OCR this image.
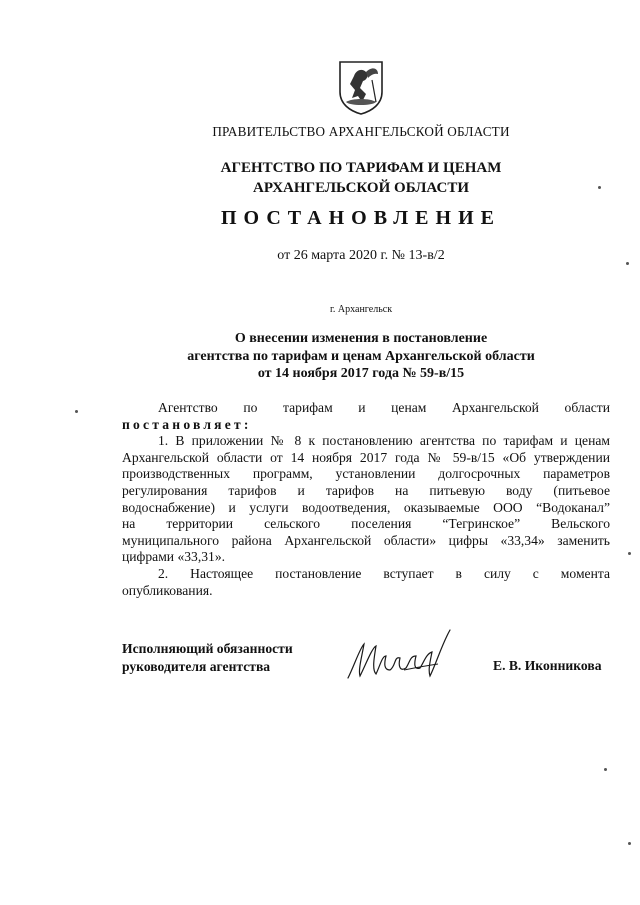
ПРАВИТЕЛЬСТВО АРХАНГЕЛЬСКОЙ ОБЛАСТИ
АГЕНТСТВО ПО ТАРИФАМ И ЦЕНАМ
АРХАНГЕЛЬСКОЙ ОБЛАСТИ
ПОСТАНОВЛЕНИЕ
от 26 марта 2020 г. № 13-в/2
г. Архангельск
О внесении изменения в постановление
агентства по тарифам и ценам Архангельской области
от 14 ноября 2017 года № 59-в/15
Агентство по тарифам и ценам Архангельской области
постановляет:
1. В приложении № 8 к постановлению агентства по тарифам и ценам
Архангельской области от 14 ноября 2017 года № 59-в/15 «Об утверждении
производственных программ, установлении долгосрочных параметров
регулирования тарифов и тарифов на питьевую воду (питьевое
водоснабжение) и услуги водоотведения, оказываемые ООО “Водоканал”
на территории сельского поселения “Тегринское” Вельского
муниципального района Архангельской области» цифры «33,34» заменить
цифрами «33,31».
2. Настоящее постановление вступает в силу с момента
опубликования.
Исполняющий обязанности
руководителя агентства	Е. В. Иконникова
